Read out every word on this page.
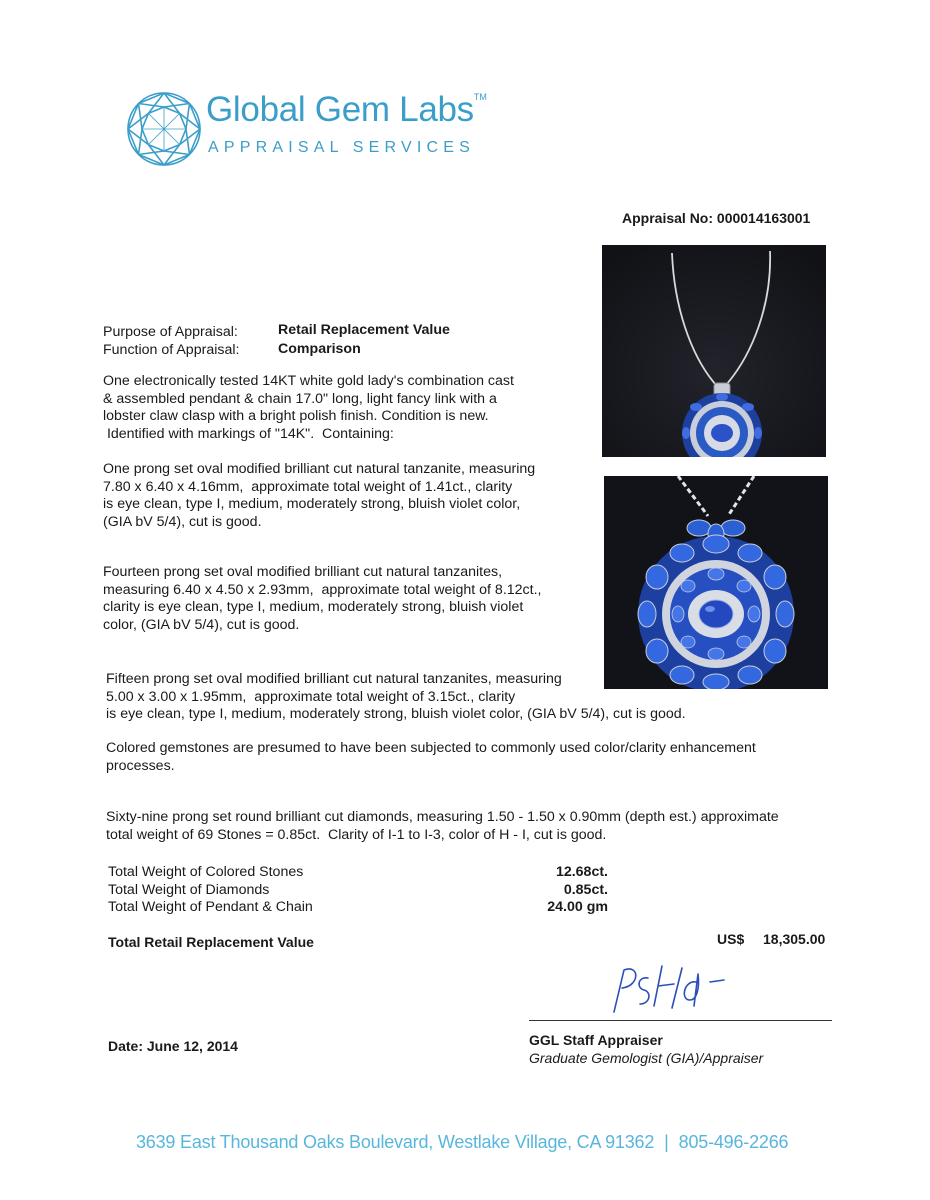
Global Gem Labs™
APPRAISAL SERVICES
Appraisal No: 000014163001
Purpose of Appraisal:	Retail Replacement Value
Function of Appraisal:	Comparison
One electronically tested 14KT white gold lady's combination cast
& assembled pendant & chain 17.0" long, light fancy link with a
lobster claw clasp with a bright polish finish. Condition is new.
Identified with markings of "14K".  Containing:
One prong set oval modified brilliant cut natural tanzanite, measuring
7.80 x 6.40 x 4.16mm,  approximate total weight of 1.41ct., clarity
is eye clean, type I, medium, moderately strong, bluish violet color,
(GIA bV 5/4), cut is good.
Fourteen prong set oval modified brilliant cut natural tanzanites,
measuring 6.40 x 4.50 x 2.93mm,  approximate total weight of 8.12ct.,
clarity is eye clean, type I, medium, moderately strong, bluish violet
color, (GIA bV 5/4), cut is good.
Fifteen prong set oval modified brilliant cut natural tanzanites, measuring
5.00 x 3.00 x 1.95mm,  approximate total weight of 3.15ct., clarity
is eye clean, type I, medium, moderately strong, bluish violet color, (GIA bV 5/4), cut is good.
Colored gemstones are presumed to have been subjected to commonly used color/clarity enhancement
processes.
Sixty-nine prong set round brilliant cut diamonds, measuring 1.50 - 1.50 x 0.90mm (depth est.) approximate
total weight of 69 Stones = 0.85ct.  Clarity of I-1 to I-3, color of H - I, cut is good.
Total Weight of Colored Stones	12.68ct.
Total Weight of Diamonds	0.85ct.
Total Weight of Pendant & Chain	24.00 gm
Total Retail Replacement Value	US$ 18,305.00
Date: June 12, 2014	GGL Staff Appraiser
Graduate Gemologist (GIA)/Appraiser
3639 East Thousand Oaks Boulevard, Westlake Village, CA 91362 | 805-496-2266
